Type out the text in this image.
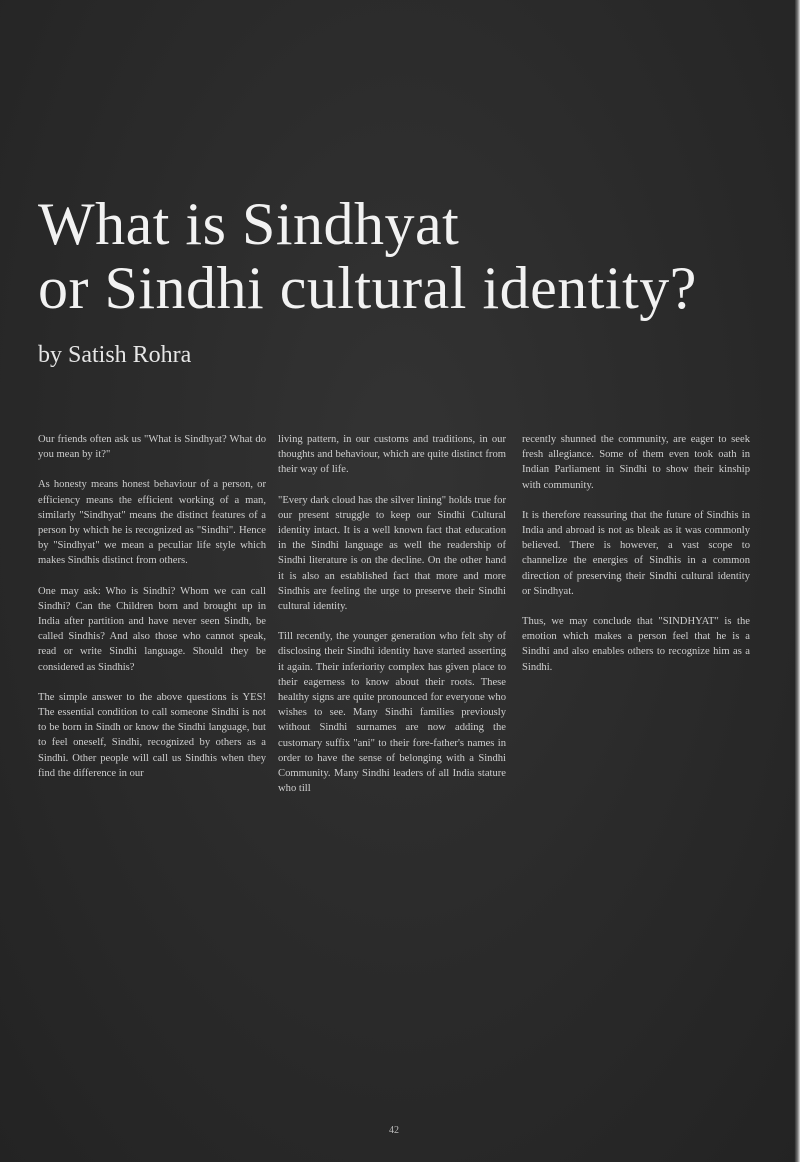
What is Sindhyat
or Sindhi cultural identity?
by Satish Rohra

Our friends often ask us "What is Sindhyat? What do you mean by it?"

As honesty means honest behaviour of a person, or efficiency means the efficient working of a man, similarly "Sindhyat" means the distinct features of a person by which he is recognized as "Sindhi". Hence by "Sindhyat" we mean a peculiar life style which makes Sindhis distinct from others.

One may ask: Who is Sindhi? Whom we can call Sindhi? Can the Children born and brought up in India after partition and have never seen Sindh, be called Sindhis? And also those who cannot speak, read or write Sindhi language. Should they be considered as Sindhis?

The simple answer to the above questions is YES! The essential condition to call someone Sindhi is not to be born in Sindh or know the Sindhi language, but to feel oneself, Sindhi, recognized by others as a Sindhi. Other people will call us Sindhis when they find the difference in our

living pattern, in our customs and traditions, in our thoughts and behaviour, which are quite distinct from their way of life.

"Every dark cloud has the silver lining" holds true for our present struggle to keep our Sindhi Cultural identity intact. It is a well known fact that education in the Sindhi language as well the readership of Sindhi literature is on the decline. On the other hand it is also an established fact that more and more Sindhis are feeling the urge to preserve their Sindhi cultural identity.

Till recently, the younger generation who felt shy of disclosing their Sindhi identity have started asserting it again. Their inferiority complex has given place to their eagerness to know about their roots. These healthy signs are quite pronounced for everyone who wishes to see. Many Sindhi families previously without Sindhi surnames are now adding the customary suffix "ani" to their fore-father's names in order to have the sense of belonging with a Sindhi Community. Many Sindhi leaders of all India stature who till

recently shunned the community, are eager to seek fresh allegiance. Some of them even took oath in Indian Parliament in Sindhi to show their kinship with community.

It is therefore reassuring that the future of Sindhis in India and abroad is not as bleak as it was commonly believed. There is however, a vast scope to channelize the energies of Sindhis in a common direction of preserving their Sindhi cultural identity or Sindhyat.

Thus, we may conclude that "SINDHYAT" is the emotion which makes a person feel that he is a Sindhi and also enables others to recognize him as a Sindhi.

42
